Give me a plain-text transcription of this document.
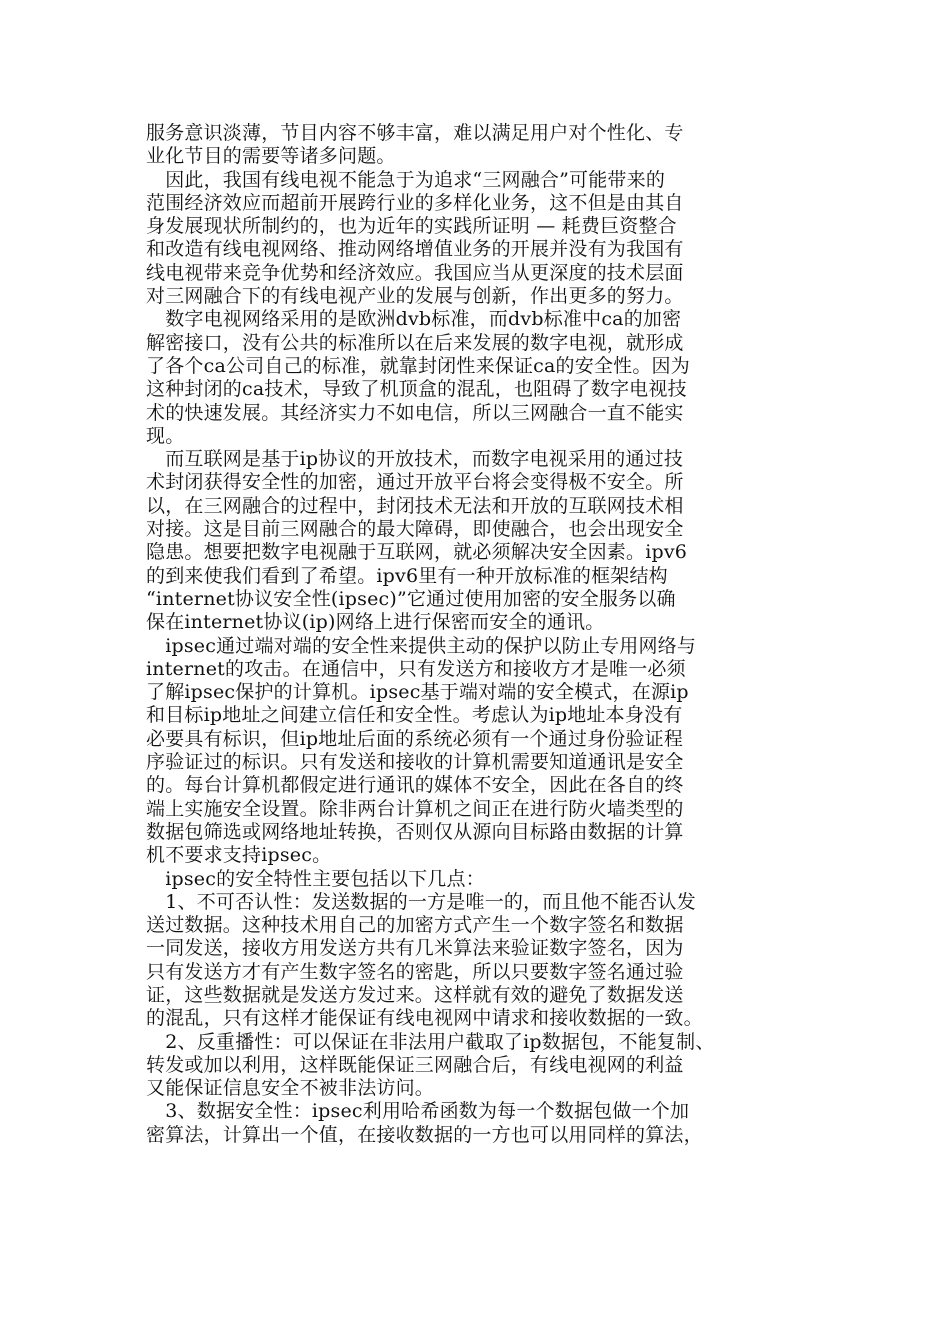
服务意识淡薄，节目内容不够丰富，难以满足用户对个性化、专
业化节目的需要等诸多问题。
　因此，我国有线电视不能急于为追求“三网融合”可能带来的
范围经济效应而超前开展跨行业的多样化业务，这不但是由其自
身发展现状所制约的，也为近年的实践所证明 — 耗费巨资整合
和改造有线电视网络、推动网络增值业务的开展并没有为我国有
线电视带来竞争优势和经济效应。我国应当从更深度的技术层面
对三网融合下的有线电视产业的发展与创新，作出更多的努力。
　数字电视网络采用的是欧洲dvb标准，而dvb标准中ca的加密
解密接口，没有公共的标准所以在后来发展的数字电视，就形成
了各个ca公司自己的标准，就靠封闭性来保证ca的安全性。因为
这种封闭的ca技术，导致了机顶盒的混乱，也阻碍了数字电视技
术的快速发展。其经济实力不如电信，所以三网融合一直不能实
现。
　而互联网是基于ip协议的开放技术，而数字电视采用的通过技
术封闭获得安全性的加密，通过开放平台将会变得极不安全。所
以，在三网融合的过程中，封闭技术无法和开放的互联网技术相
对接。这是目前三网融合的最大障碍，即使融合，也会出现安全
隐患。想要把数字电视融于互联网，就必须解决安全因素。ipv6
的到来使我们看到了希望。ipv6里有一种开放标准的框架结构
“internet协议安全性(ipsec)”它通过使用加密的安全服务以确
保在internet协议(ip)网络上进行保密而安全的通讯。
　ipsec通过端对端的安全性来提供主动的保护以防止专用网络与
internet的攻击。在通信中，只有发送方和接收方才是唯一必须
了解ipsec保护的计算机。ipsec基于端对端的安全模式，在源ip
和目标ip地址之间建立信任和安全性。考虑认为ip地址本身没有
必要具有标识，但ip地址后面的系统必须有一个通过身份验证程
序验证过的标识。只有发送和接收的计算机需要知道通讯是安全
的。每台计算机都假定进行通讯的媒体不安全，因此在各自的终
端上实施安全设置。除非两台计算机之间正在进行防火墙类型的
数据包筛选或网络地址转换，否则仅从源向目标路由数据的计算
机不要求支持ipsec。
　ipsec的安全特性主要包括以下几点：
　1、不可否认性：发送数据的一方是唯一的，而且他不能否认发
送过数据。这种技术用自己的加密方式产生一个数字签名和数据
一同发送，接收方用发送方共有几米算法来验证数字签名，因为
只有发送方才有产生数字签名的密匙，所以只要数字签名通过验
证，这些数据就是发送方发过来。这样就有效的避免了数据发送
的混乱，只有这样才能保证有线电视网中请求和接收数据的一致。
　2、反重播性：可以保证在非法用户截取了ip数据包，不能复制、
转发或加以利用，这样既能保证三网融合后，有线电视网的利益
又能保证信息安全不被非法访问。
　3、数据安全性：ipsec利用哈希函数为每一个数据包做一个加
密算法，计算出一个值，在接收数据的一方也可以用同样的算法，
